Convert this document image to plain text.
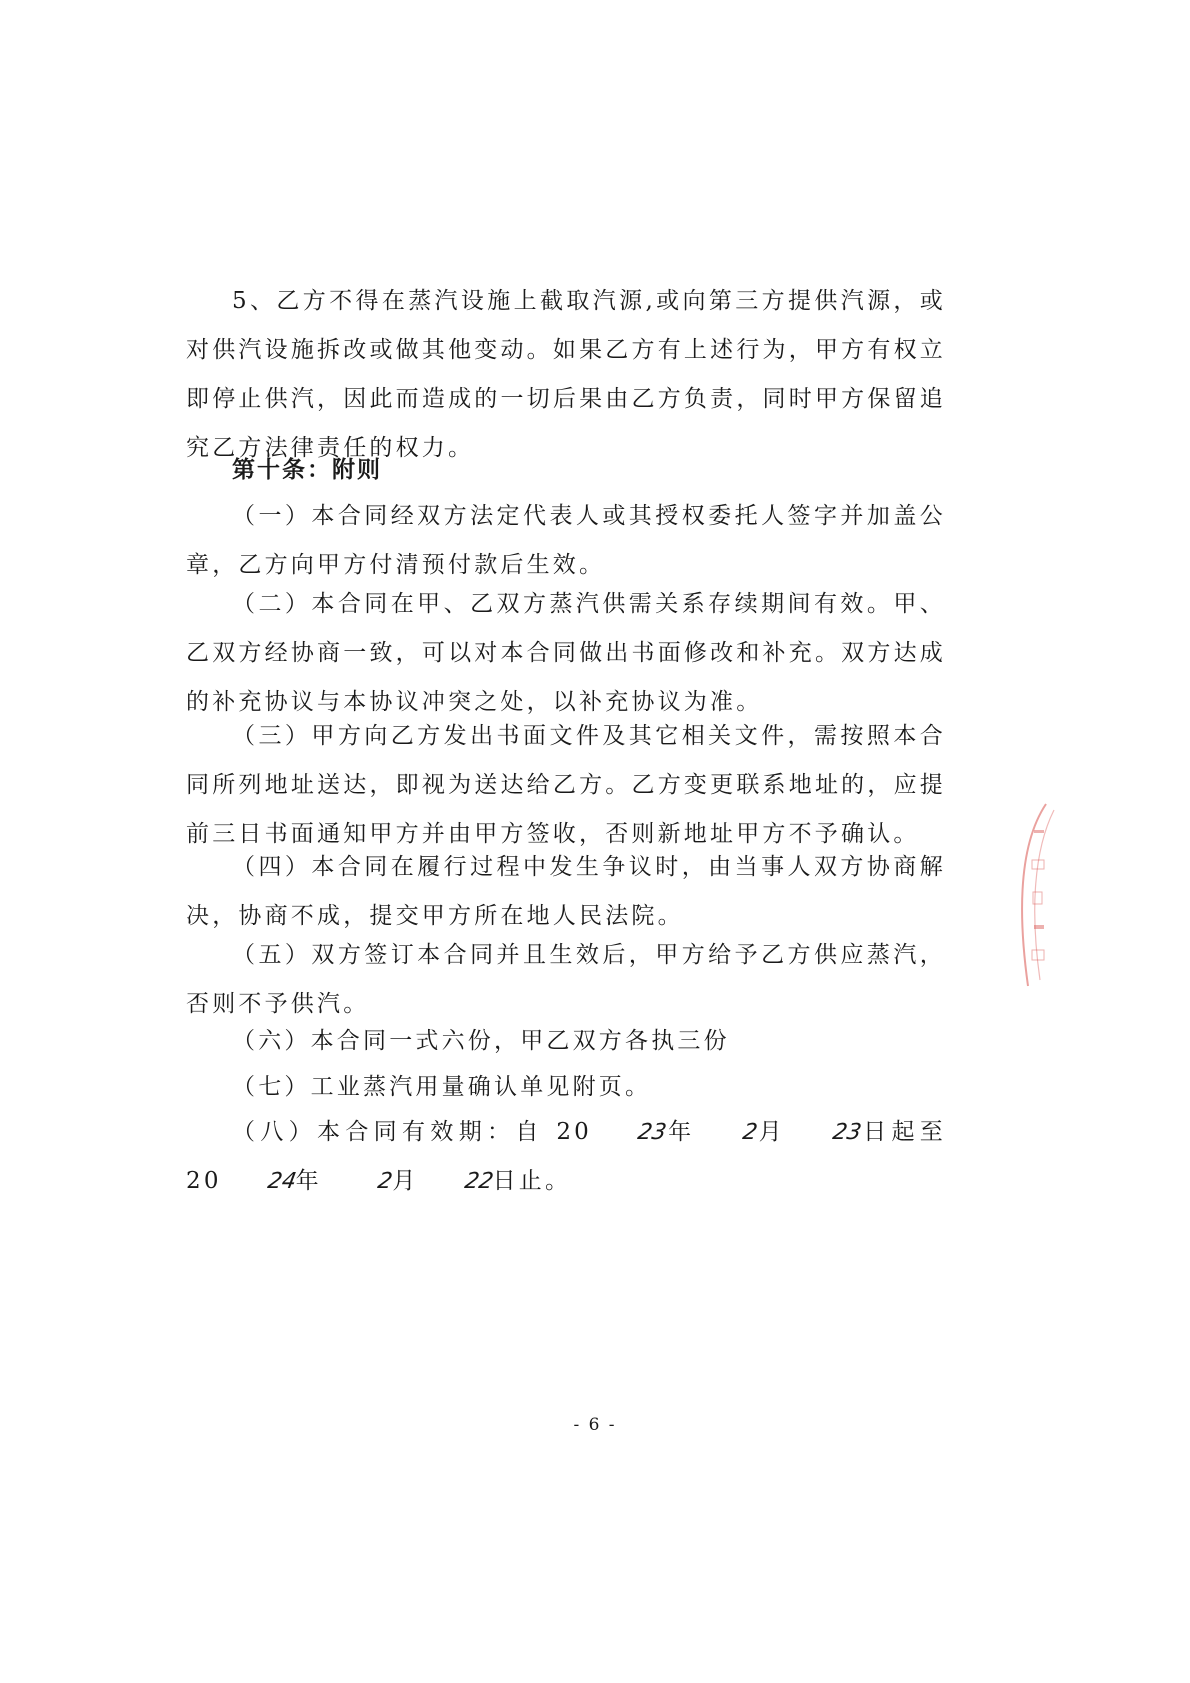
5、乙方不得在蒸汽设施上截取汽源,或向第三方提供汽源，或对供汽设施拆改或做其他变动。如果乙方有上述行为，甲方有权立即停止供汽，因此而造成的一切后果由乙方负责，同时甲方保留追究乙方法律责任的权力。

第十条：附则

（一）本合同经双方法定代表人或其授权委托人签字并加盖公章，乙方向甲方付清预付款后生效。

（二）本合同在甲、乙双方蒸汽供需关系存续期间有效。甲、乙双方经协商一致，可以对本合同做出书面修改和补充。双方达成的补充协议与本协议冲突之处，以补充协议为准。

（三）甲方向乙方发出书面文件及其它相关文件，需按照本合同所列地址送达，即视为送达给乙方。乙方变更联系地址的，应提前三日书面通知甲方并由甲方签收，否则新地址甲方不予确认。

（四）本合同在履行过程中发生争议时，由当事人双方协商解决，协商不成，提交甲方所在地人民法院。

（五）双方签订本合同并且生效后，甲方给予乙方供应蒸汽，否则不予供汽。

（六）本合同一式六份，甲乙双方各执三份

（七）工业蒸汽用量确认单见附页。

（八）本合同有效期：自 20 23年 2月 23日起至 20 24年 2月 22日止。

- 6 -
